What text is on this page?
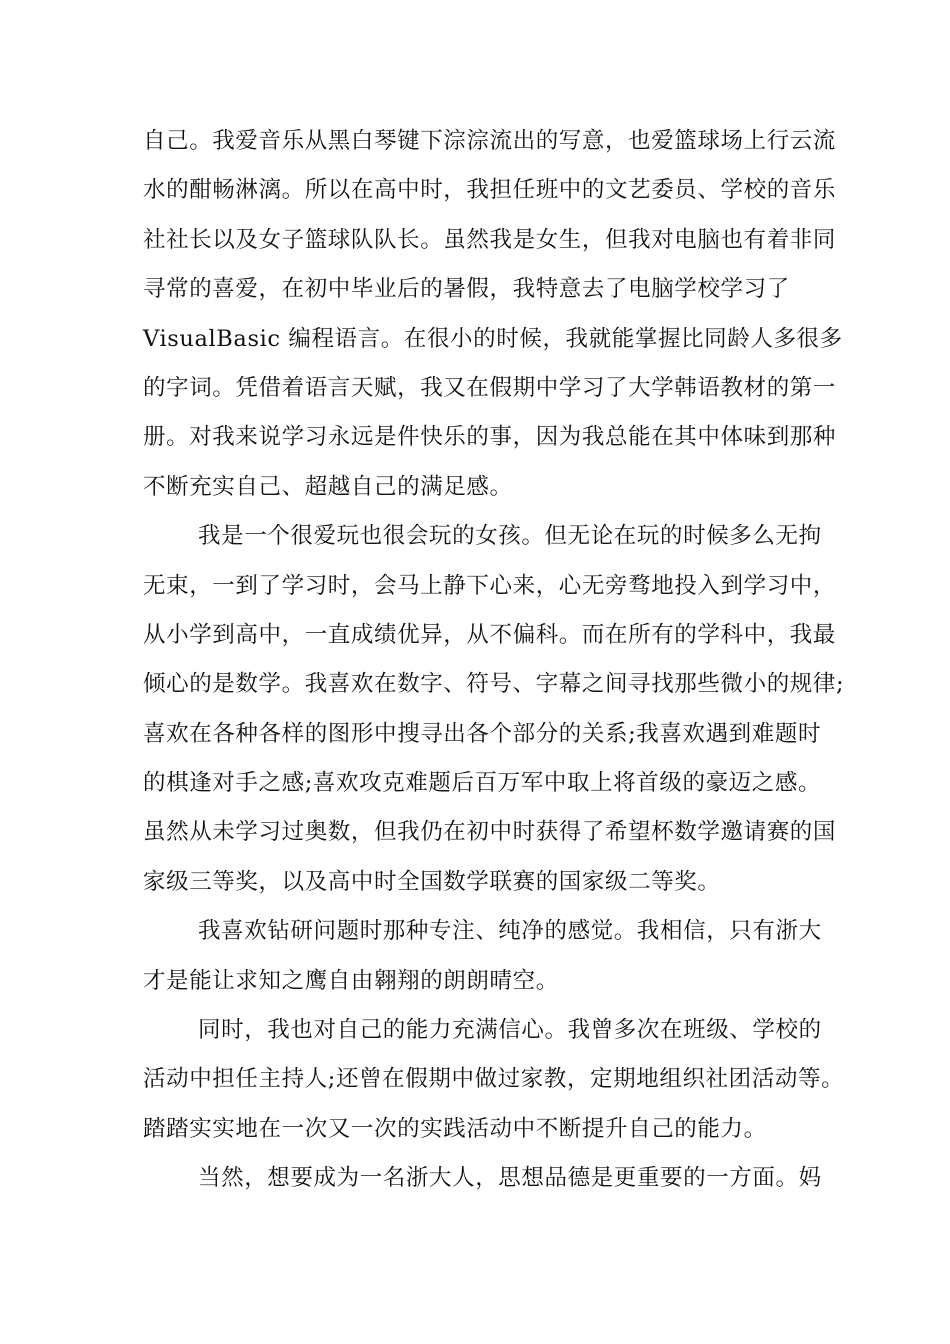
自己。我爱音乐从黑白琴键下淙淙流出的写意，也爱篮球场上行云流
水的酣畅淋漓。所以在高中时，我担任班中的文艺委员、学校的音乐
社社长以及女子篮球队队长。虽然我是女生，但我对电脑也有着非同
寻常的喜爱，在初中毕业后的暑假，我特意去了电脑学校学习了
VisualBasic 编程语言。在很小的时候，我就能掌握比同龄人多很多
的字词。凭借着语言天赋，我又在假期中学习了大学韩语教材的第一
册。对我来说学习永远是件快乐的事，因为我总能在其中体味到那种
不断充实自己、超越自己的满足感。
我是一个很爱玩也很会玩的女孩。但无论在玩的时候多么无拘
无束，一到了学习时，会马上静下心来，心无旁骛地投入到学习中，
从小学到高中，一直成绩优异，从不偏科。而在所有的学科中，我最
倾心的是数学。我喜欢在数字、符号、字幕之间寻找那些微小的规律;
喜欢在各种各样的图形中搜寻出各个部分的关系;我喜欢遇到难题时
的棋逢对手之感;喜欢攻克难题后百万军中取上将首级的豪迈之感。
虽然从未学习过奥数，但我仍在初中时获得了希望杯数学邀请赛的国
家级三等奖，以及高中时全国数学联赛的国家级二等奖。
我喜欢钻研问题时那种专注、纯净的感觉。我相信，只有浙大
才是能让求知之鹰自由翱翔的朗朗晴空。
同时，我也对自己的能力充满信心。我曾多次在班级、学校的
活动中担任主持人;还曾在假期中做过家教，定期地组织社团活动等。
踏踏实实地在一次又一次的实践活动中不断提升自己的能力。
当然，想要成为一名浙大人，思想品德是更重要的一方面。妈
